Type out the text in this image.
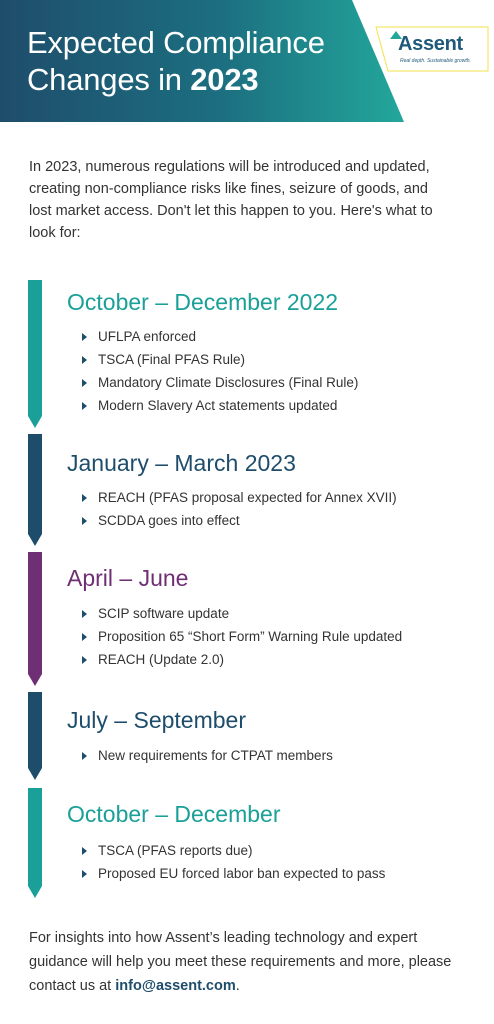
Expected Compliance
Changes in 2023
Assent
Real depth. Sustainable growth.
In 2023, numerous regulations will be introduced and updated, creating non-compliance risks like fines, seizure of goods, and lost market access. Don't let this happen to you. Here's what to look for:
October – December 2022
UFLPA enforced
TSCA (Final PFAS Rule)
Mandatory Climate Disclosures (Final Rule)
Modern Slavery Act statements updated
January – March 2023
REACH (PFAS proposal expected for Annex XVII)
SCDDA goes into effect
April – June
SCIP software update
Proposition 65 “Short Form” Warning Rule updated
REACH (Update 2.0)
July – September
New requirements for CTPAT members
October – December
TSCA (PFAS reports due)
Proposed EU forced labor ban expected to pass
For insights into how Assent’s leading technology and expert guidance will help you meet these requirements and more, please contact us at info@assent.com.
